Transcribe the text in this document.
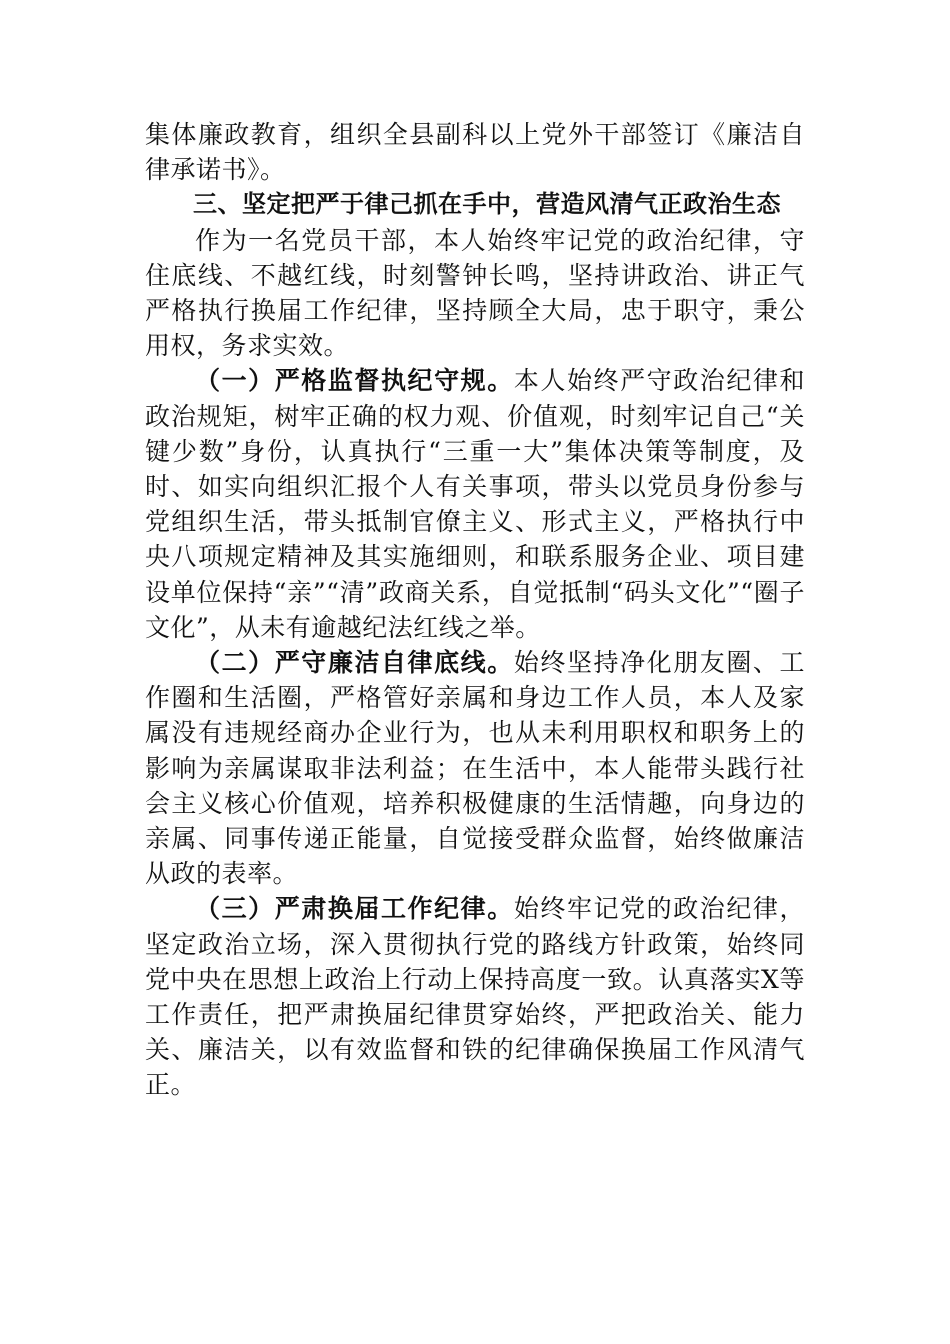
集体廉政教育，组织全县副科以上党外干部签订《廉洁自律承诺书》。

三、坚定把严于律己抓在手中，营造风清气正政治生态

作为一名党员干部，本人始终牢记党的政治纪律，守住底线、不越红线，时刻警钟长鸣，坚持讲政治、讲正气严格执行换届工作纪律，坚持顾全大局，忠于职守，秉公用权，务求实效。

（一）严格监督执纪守规。本人始终严守政治纪律和政治规矩，树牢正确的权力观、价值观，时刻牢记自己“关键少数”身份，认真执行“三重一大”集体决策等制度，及时、如实向组织汇报个人有关事项，带头以党员身份参与党组织生活，带头抵制官僚主义、形式主义，严格执行中央八项规定精神及其实施细则，和联系服务企业、项目建设单位保持“亲”“清”政商关系，自觉抵制“码头文化”“圈子文化”，从未有逾越纪法红线之举。

（二）严守廉洁自律底线。始终坚持净化朋友圈、工作圈和生活圈，严格管好亲属和身边工作人员，本人及家属没有违规经商办企业行为，也从未利用职权和职务上的影响为亲属谋取非法利益；在生活中，本人能带头践行社会主义核心价值观，培养积极健康的生活情趣，向身边的亲属、同事传递正能量，自觉接受群众监督，始终做廉洁从政的表率。

（三）严肃换届工作纪律。始终牢记党的政治纪律，坚定政治立场，深入贯彻执行党的路线方针政策，始终同党中央在思想上政治上行动上保持高度一致。认真落实X等工作责任，把严肃换届纪律贯穿始终，严把政治关、能力关、廉洁关，以有效监督和铁的纪律确保换届工作风清气正。
